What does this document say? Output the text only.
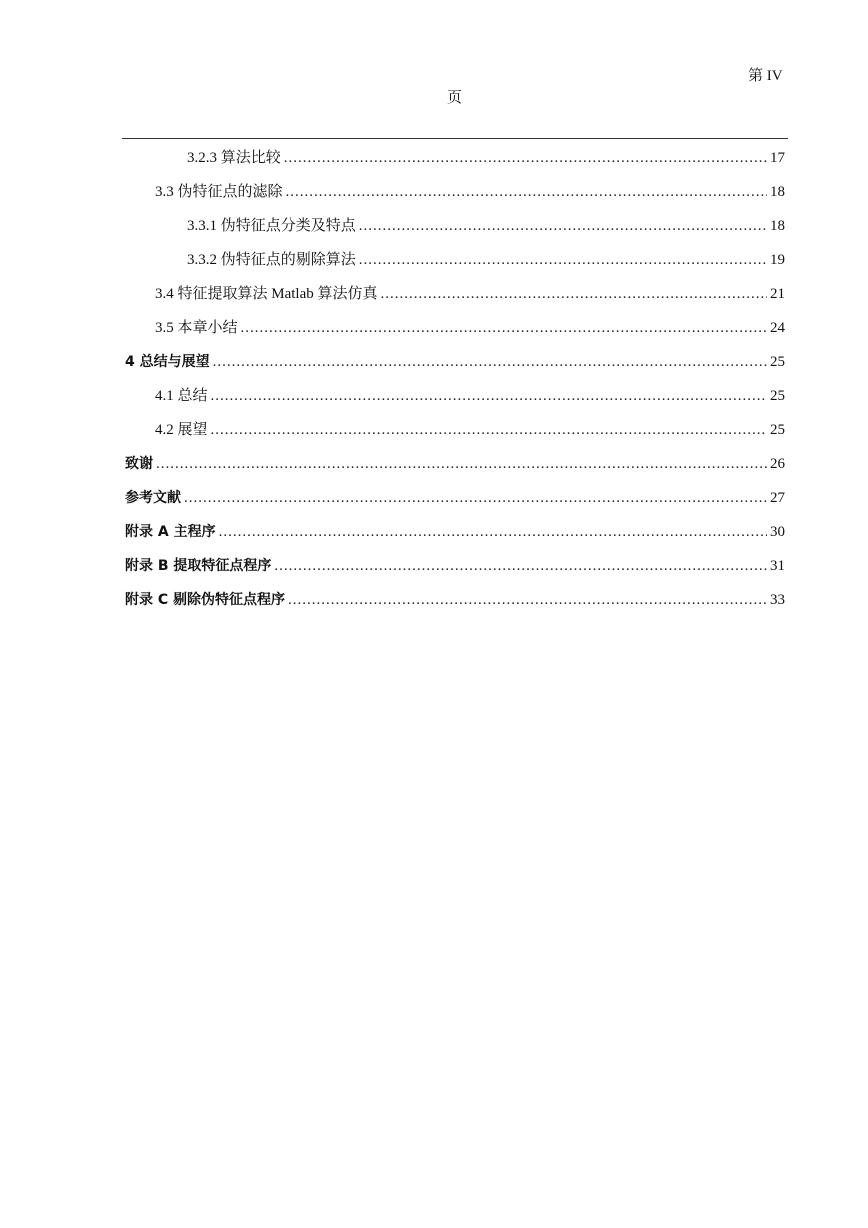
第 IV
页
3.2.3 算法比较 .....	17
3.3 伪特征点的滤除 .....	18
3.3.1 伪特征点分类及特点 .....	18
3.3.2 伪特征点的剔除算法 .....	19
3.4 特征提取算法 Matlab 算法仿真 .....	21
3.5 本章小结 .....	24
4 总结与展望 .....	25
4.1 总结 .....	25
4.2 展望 .....	25
致谢 .....	26
参考文献 .....	27
附录 A 主程序 .....	30
附录 B 提取特征点程序 .....	31
附录 C 剔除伪特征点程序 .....	33
